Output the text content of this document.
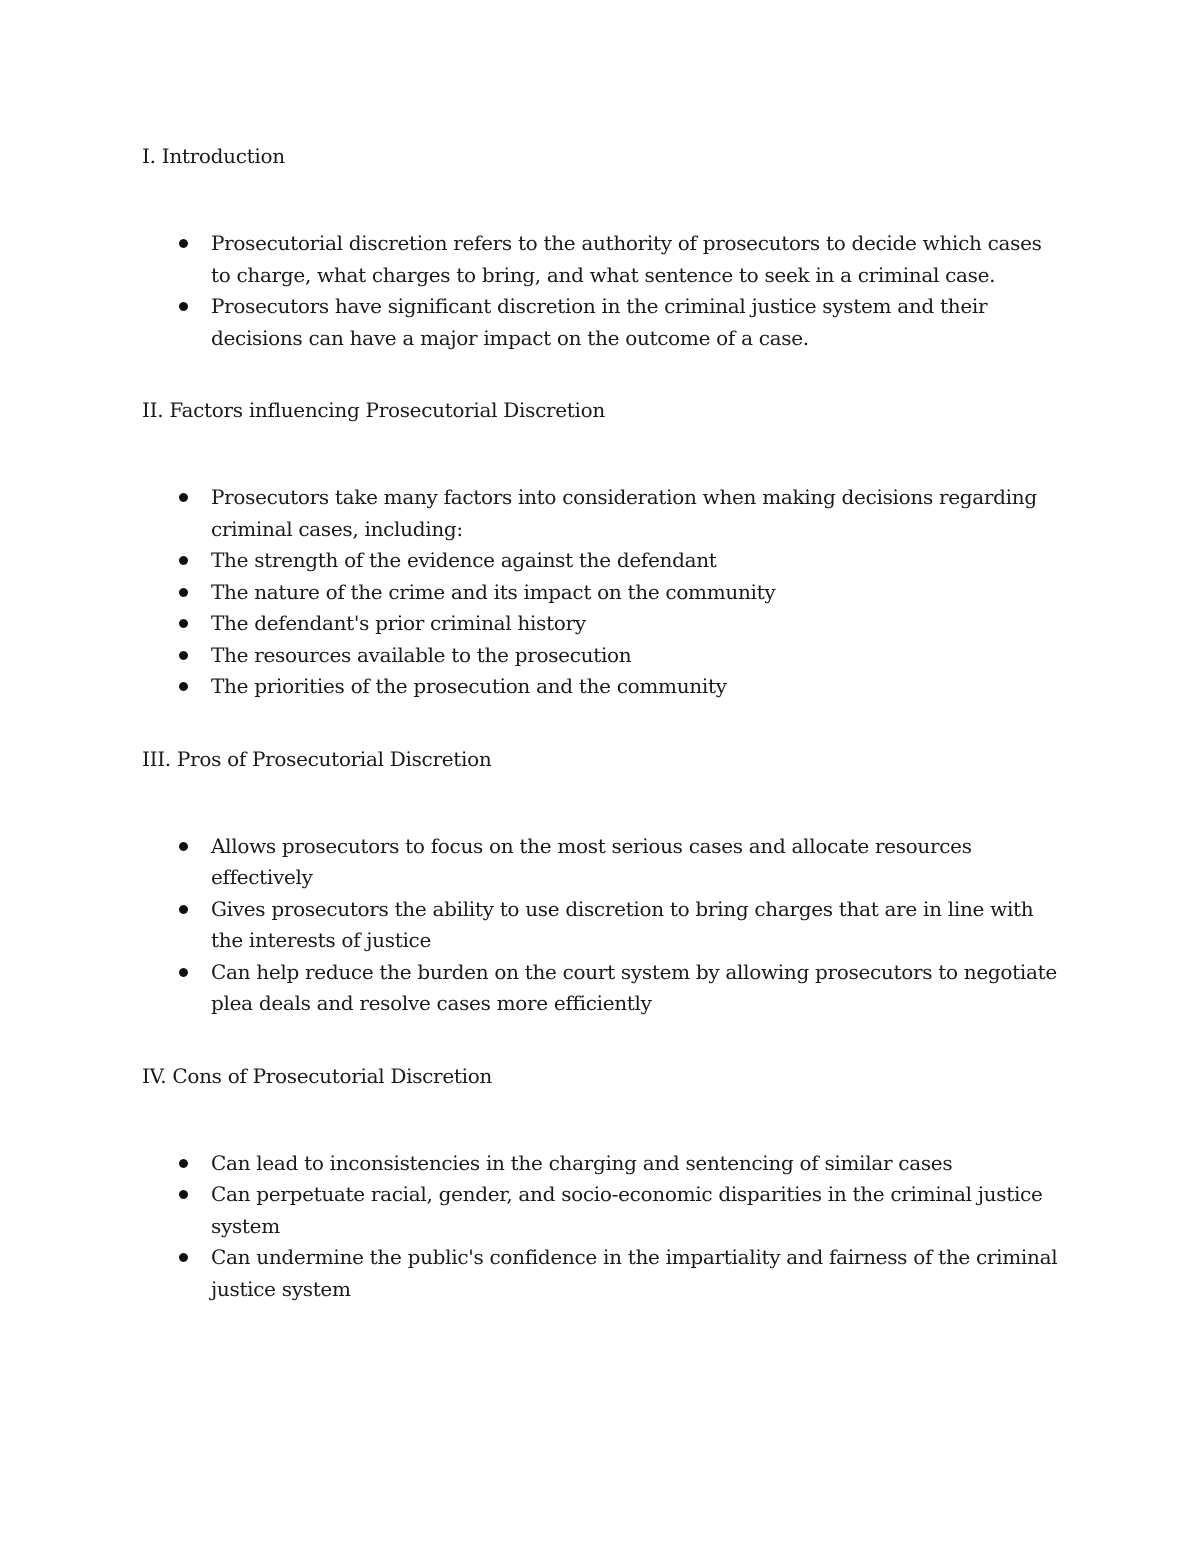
I. Introduction
Prosecutorial discretion refers to the authority of prosecutors to decide which cases to charge, what charges to bring, and what sentence to seek in a criminal case.
Prosecutors have significant discretion in the criminal justice system and their decisions can have a major impact on the outcome of a case.
II. Factors influencing Prosecutorial Discretion
Prosecutors take many factors into consideration when making decisions regarding criminal cases, including:
The strength of the evidence against the defendant
The nature of the crime and its impact on the community
The defendant's prior criminal history
The resources available to the prosecution
The priorities of the prosecution and the community
III. Pros of Prosecutorial Discretion
Allows prosecutors to focus on the most serious cases and allocate resources effectively
Gives prosecutors the ability to use discretion to bring charges that are in line with the interests of justice
Can help reduce the burden on the court system by allowing prosecutors to negotiate plea deals and resolve cases more efficiently
IV. Cons of Prosecutorial Discretion
Can lead to inconsistencies in the charging and sentencing of similar cases
Can perpetuate racial, gender, and socio-economic disparities in the criminal justice system
Can undermine the public's confidence in the impartiality and fairness of the criminal justice system
